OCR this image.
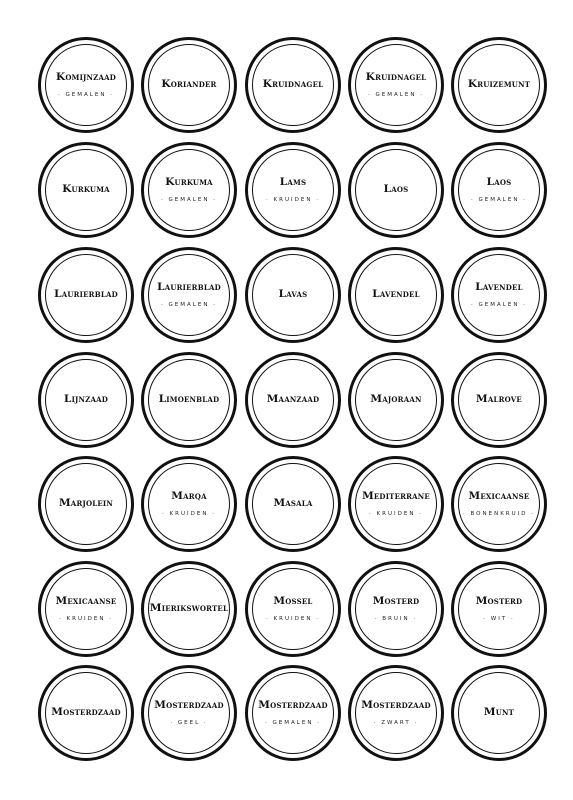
Komijnzaad
· GEMALEN ·
Koriander	Kruidnagel
Kruidnagel
· GEMALEN ·
Kruizemunt
Kurkuma
Kurkuma
· GEMALEN ·
Lams
· KRUIDEN ·
Laos
Laos
· GEMALEN ·
Laurierblad
Laurierblad
· GEMALEN ·
Lavas	Lavendel
Lavendel
· GEMALEN ·
Lijnzaad	Limoenblad	Maanzaad	Majoraan	Malrove
Marjolein
Marqa
· KRUIDEN ·
Masala
Mediterrane
· KRUIDEN ·
Mexicaanse
· BONENKRUID ·
Mexicaanse
· KRUIDEN ·
Mierikswortel
Mossel
· KRUIDEN ·
Mosterd
· BRUIN ·
Mosterd
· WIT ·
Mosterdzaad
Mosterdzaad
· GEEL ·
Mosterdzaad
· GEMALEN ·
Mosterdzaad
· ZWART ·
Munt
